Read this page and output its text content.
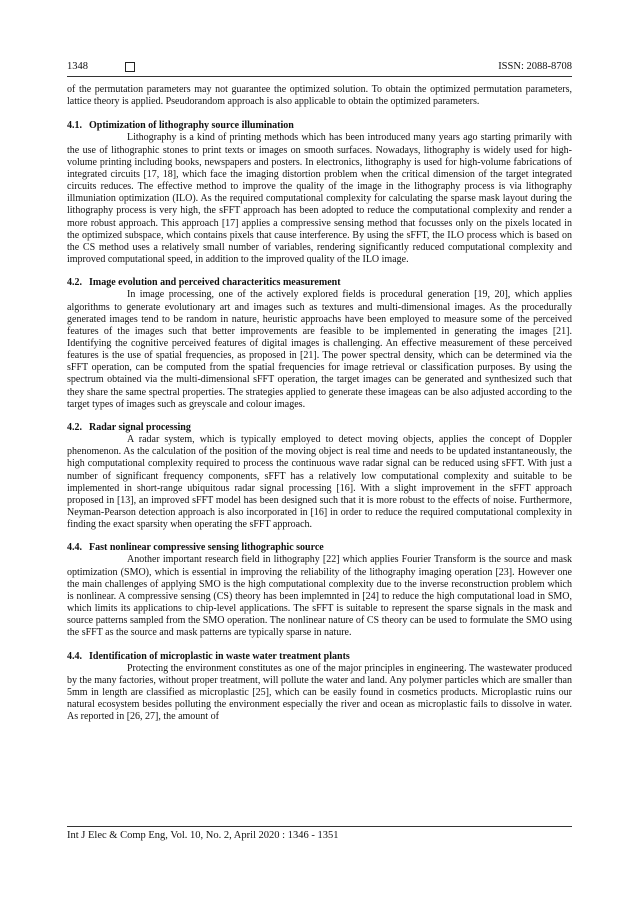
1348	ISSN: 2088-8708

of the permutation parameters may not guarantee the optimized solution. To obtain the optimized permutation parameters, lattice theory is applied. Pseudorandom approach is also applicable to obtain the optimized parameters.

4.1. Optimization of lithography source illumination

Lithography is a kind of printing methods which has been introduced many years ago starting primarily with the use of lithographic stones to print texts or images on smooth surfaces. Nowadays, lithography is widely used for high-volume printing including books, newspapers and posters. In electronics, lithography is used for high-volume fabrications of integrated circuits [17, 18], which face the imaging distortion problem when the critical dimension of the target integrated circuits reduces. The effective method to improve the quality of the image in the lithography process is via lithography illmuniation optimization (ILO). As the required computational complexity for calculating the sparse mask layout during the lithography process is very high, the sFFT approach has been adopted to reduce the computational complexity and render a more robust approach. This approach [17] applies a compressive sensing method that focusses only on the pixels located in the optimized subspace, which contains pixels that cause interference. By using the sFFT, the ILO process which is based on the CS method uses a relatively small number of variables, rendering significantly reduced computational complexity and improved computational speed, in addition to the improved quality of the ILO image.

4.2. Image evolution and perceived characteritics measurement

In image processing, one of the actively explored fields is procedural generation [19, 20], which applies algorithms to generate evolutionary art and images such as textures and multi-dimensional images. As the procedurally generated images tend to be random in nature, heuristic approachs have been employed to measure some of the perceived features of the images such that better improvements are feasible to be implemented in generating the images [21]. Identifying the cognitive perceived features of digital images is challenging. An effective measurement of these perceived features is the use of spatial frequencies, as proposed in [21]. The power spectral density, which can be determined via the sFFT operation, can be computed from the spatial frequencies for image retrieval or classification purposes. By using the spectrum obtained via the multi-dimensional sFFT operation, the target images can be generated and synthesized such that they share the same spectral properties. The strategies applied to generate these imageas can be also adjusted according to the target types of images such as greyscale and colour images.

4.2. Radar signal processing

A radar system, which is typically employed to detect moving objects, applies the concept of Doppler phenomenon. As the calculation of the position of the moving object is real time and needs to be updated instantaneously, the high computational complexity required to process the continuous wave radar signal can be reduced using sFFT. With just a number of significant frequency components, sFFT has a relatively low computational complexity and suitable to be implemented in short-range ubiquitous radar signal processing [16]. With a slight improvement in the sFFT approach proposed in [13], an improved sFFT model has been designed such that it is more robust to the effects of noise. Furthermore, Neyman-Pearson detection approach is also incorporated in [16] in order to reduce the required computational complexity in finding the exact sparsity when operating the sFFT approach.

4.4. Fast nonlinear compressive sensing lithographic source

Another important research field in lithography [22] which applies Fourier Transform is the source and mask optimization (SMO), which is essential in improving the reliability of the lithography imaging operation [23]. However one the main challenges of applying SMO is the high computational complexity due to the inverse reconstruction problem which is nonlinear. A compressive sensing (CS) theory has been implemnted in [24] to reduce the high computational load in SMO, which limits its applications to chip-level applications. The sFFT is suitable to represent the sparse signals in the mask and source patterns sampled from the SMO operation. The nonlinear nature of CS theory can be used to formulate the SMO using the sFFT as the source and mask patterns are typically sparse in nature.

4.4. Identification of microplastic in waste water treatment plants

Protecting the environment constitutes as one of the major principles in engineering. The wastewater produced by the many factories, without proper treatment, will pollute the water and land. Any polymer particles which are smaller than 5mm in length are classified as microplastic [25], which can be easily found in cosmetics products. Microplastic ruins our natural ecosystem besides polluting the environment especially the river and ocean as microplastic fails to dissolve in water. As reported in [26, 27], the amount of

Int J Elec & Comp Eng, Vol. 10, No. 2, April 2020 : 1346 - 1351
